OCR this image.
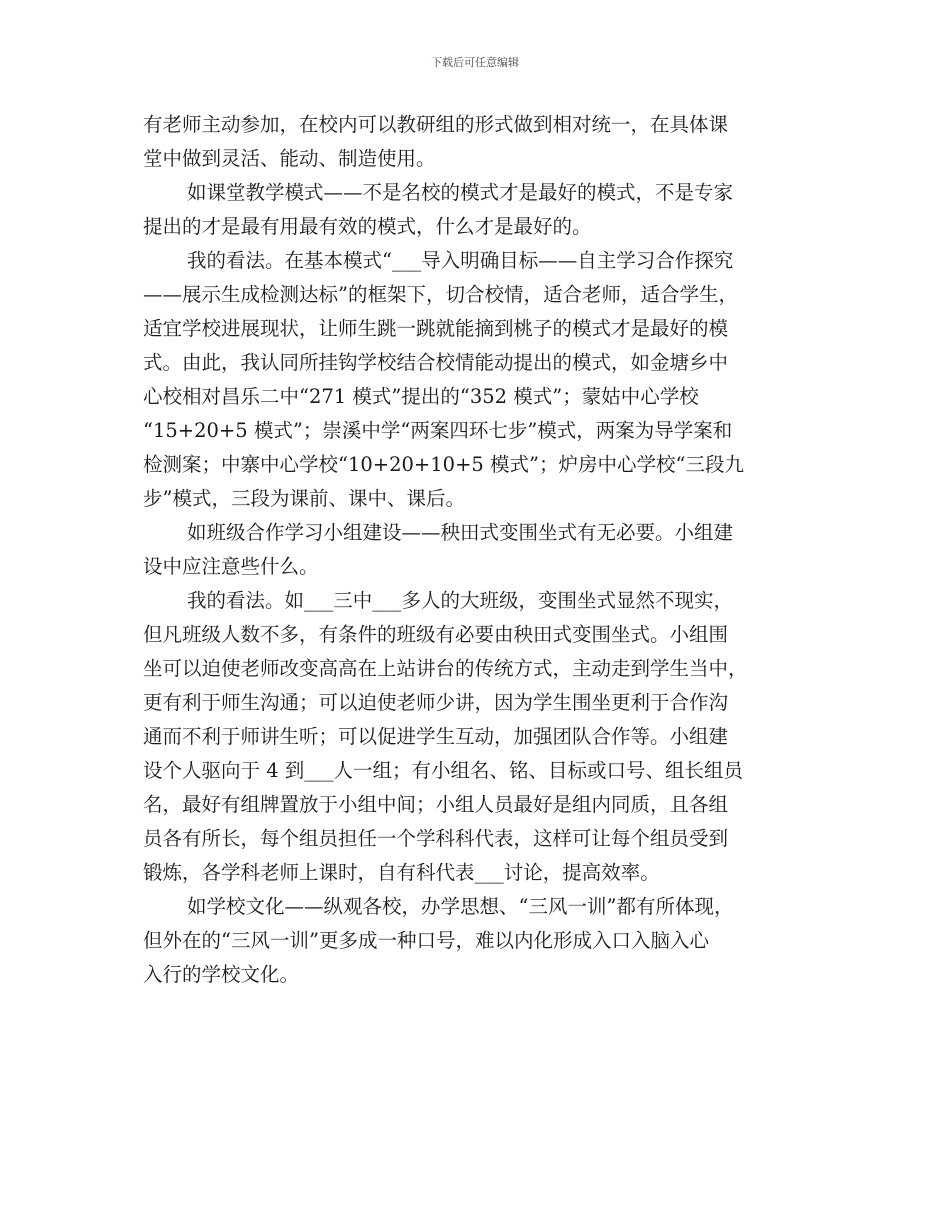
下载后可任意编辑
有老师主动参加，在校内可以教研组的形式做到相对统一，在具体课
堂中做到灵活、能动、制造使用。
如课堂教学模式——不是名校的模式才是最好的模式，不是专家
提出的才是最有用最有效的模式，什么才是最好的。
我的看法。在基本模式“___导入明确目标——自主学习合作探究
——展示生成检测达标”的框架下，切合校情，适合老师，适合学生，
适宜学校进展现状，让师生跳一跳就能摘到桃子的模式才是最好的模
式。由此，我认同所挂钩学校结合校情能动提出的模式，如金塘乡中
心校相对昌乐二中“271 模式”提出的“352 模式”；蒙姑中心学校
“15+20+5 模式”；崇溪中学“两案四环七步”模式，两案为导学案和
检测案；中寨中心学校“10+20+10+5 模式”；炉房中心学校“三段九
步”模式，三段为课前、课中、课后。
如班级合作学习小组建设——秧田式变围坐式有无必要。小组建
设中应注意些什么。
我的看法。如___三中___多人的大班级，变围坐式显然不现实，
但凡班级人数不多，有条件的班级有必要由秧田式变围坐式。小组围
坐可以迫使老师改变高高在上站讲台的传统方式，主动走到学生当中，
更有利于师生沟通；可以迫使老师少讲，因为学生围坐更利于合作沟
通而不利于师讲生听；可以促进学生互动，加强团队合作等。小组建
设个人驱向于 4 到___人一组；有小组名、铭、目标或口号、组长组员
名，最好有组牌置放于小组中间；小组人员最好是组内同质，且各组
员各有所长，每个组员担任一个学科科代表，这样可让每个组员受到
锻炼，各学科老师上课时，自有科代表___讨论，提高效率。
如学校文化——纵观各校，办学思想、“三风一训”都有所体现，
但外在的“三风一训”更多成一种口号，难以内化形成入口入脑入心
入行的学校文化。
